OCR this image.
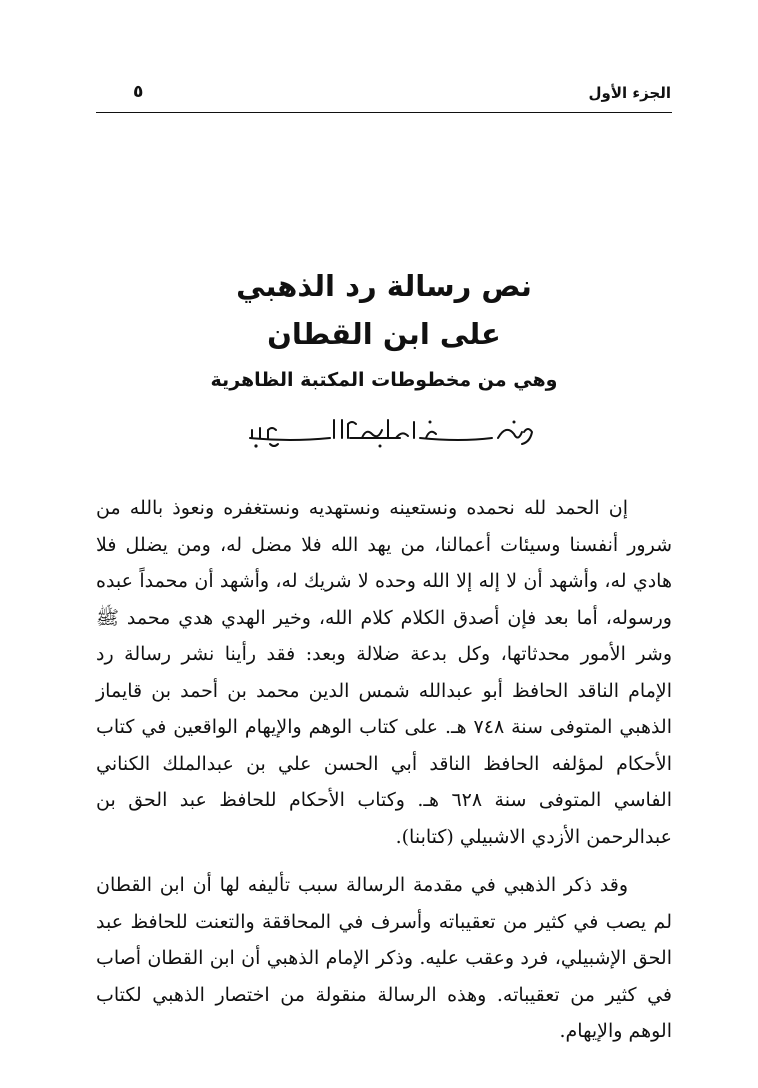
الجزء الأول
٥
نص رسالة رد الذهبي
على ابن القطان
وهي من مخطوطات المكتبة الظاهرية

إن الحمد لله نحمده ونستعينه ونستهديه ونستغفره ونعوذ بالله من شرور أنفسنا وسيئات أعمالنا، من يهد الله فلا مضل له، ومن يضلل فلا هادي له، وأشهد أن لا إله إلا الله وحده لا شريك له، وأشهد أن محمداً عبده ورسوله، أما بعد فإن أصدق الكلام كلام الله، وخير الهدي هدي محمد ﷺ وشر الأمور محدثاتها، وكل بدعة ضلالة وبعد: فقد رأينا نشر رسالة رد الإمام الناقد الحافظ أبو عبدالله شمس الدين محمد بن أحمد بن قايماز الذهبي المتوفى سنة ٧٤٨ هـ. على كتاب الوهم والإيهام الواقعين في كتاب الأحكام لمؤلفه الحافظ الناقد أبي الحسن علي بن عبدالملك الكناني الفاسي المتوفى سنة ٦٢٨ هـ. وكتاب الأحكام للحافظ عبد الحق بن عبدالرحمن الأزدي الاشبيلي (كتابنا).

وقد ذكر الذهبي في مقدمة الرسالة سبب تأليفه لها أن ابن القطان لم يصب في كثير من تعقيباته وأسرف في المحاققة والتعنت للحافظ عبد الحق الإشبيلي، فرد وعقب عليه. وذكر الإمام الذهبي أن ابن القطان أصاب في كثير من تعقيباته. وهذه الرسالة منقولة من اختصار الذهبي لكتاب الوهم والإيهام.
